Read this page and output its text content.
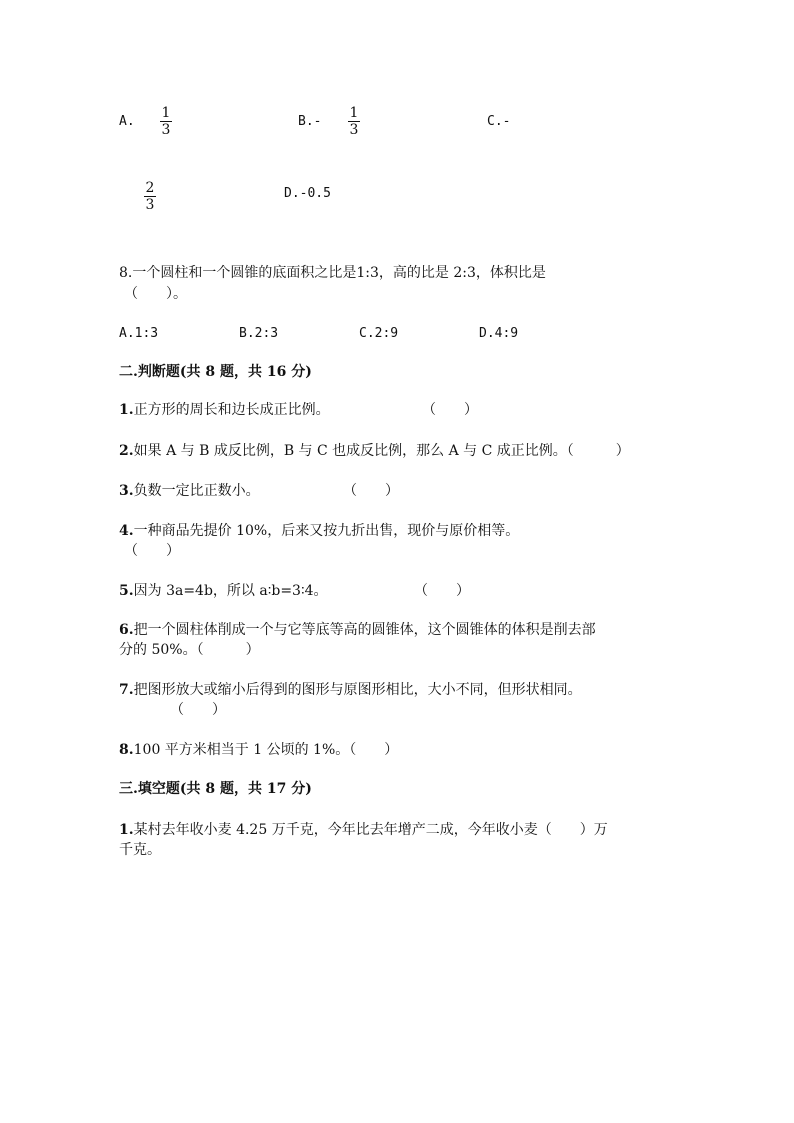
A.
1
3
B.-
1
3
C.-
2
3
D.-0.5
8.一个圆柱和一个圆锥的底面积之比是1:3，高的比是 2:3，体积比是
（　　）。
A.1:3	B.2:3	C.2:9	D.4:9
二.判断题(共 8 题，共 16 分)
1.正方形的周长和边长成正比例。	（　　）
2.如果 A 与 B 成反比例，B 与 C 也成反比例，那么 A 与 C 成正比例。（　　　）
3.负数一定比正数小。	（　　）
4.一种商品先提价 10%，后来又按九折出售，现价与原价相等。
（　　）
5.因为 3a=4b，所以 a∶b=3∶4。	（　　）
6.把一个圆柱体削成一个与它等底等高的圆锥体，这个圆锥体的体积是削去部
分的 50%。（　　　）
7.把图形放大或缩小后得到的图形与原图形相比，大小不同，但形状相同。
（　　）
8.100 平方米相当于 1 公顷的 1%。（　　）
三.填空题(共 8 题，共 17 分)
1.某村去年收小麦 4.25 万千克，今年比去年增产二成，今年收小麦（　　）万
千克。
